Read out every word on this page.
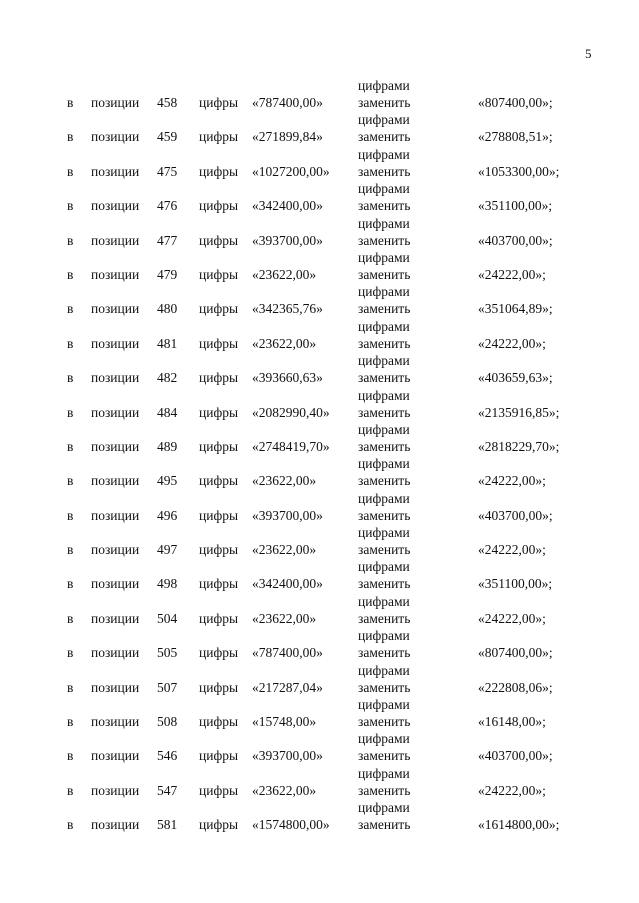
5
цифрами
в позиции 458 цифры «787400,00»	заменить	«807400,00»;
цифрами
в позиции 459 цифры «271899,84»	заменить	«278808,51»;
цифрами
в позиции 475 цифры «1027200,00» заменить	«1053300,00»;
цифрами
в позиции 476 цифры «342400,00»	заменить	«351100,00»;
цифрами
в позиции 477 цифры «393700,00»	заменить	«403700,00»;
цифрами
в позиции 479 цифры «23622,00»	заменить	«24222,00»;
цифрами
в позиции 480 цифры «342365,76»	заменить	«351064,89»;
цифрами
в позиции 481 цифры «23622,00»	заменить	«24222,00»;
цифрами
в позиции 482 цифры «393660,63»	заменить	«403659,63»;
цифрами
в позиции 484 цифры «2082990,40» заменить	«2135916,85»;
цифрами
в позиции 489 цифры «2748419,70» заменить	«2818229,70»;
цифрами
в позиции 495 цифры «23622,00»	заменить	«24222,00»;
цифрами
в позиции 496 цифры «393700,00»	заменить	«403700,00»;
цифрами
в позиции 497 цифры «23622,00»	заменить	«24222,00»;
цифрами
в позиции 498 цифры «342400,00»	заменить	«351100,00»;
цифрами
в позиции 504 цифры «23622,00»	заменить	«24222,00»;
цифрами
в позиции 505 цифры «787400,00»	заменить	«807400,00»;
цифрами
в позиции 507 цифры «217287,04»	заменить	«222808,06»;
цифрами
в позиции 508 цифры «15748,00»	заменить	«16148,00»;
цифрами
в позиции 546 цифры «393700,00»	заменить	«403700,00»;
цифрами
в позиции 547 цифры «23622,00»	заменить	«24222,00»;
цифрами
в позиции 581 цифры «1574800,00» заменить	«1614800,00»;
